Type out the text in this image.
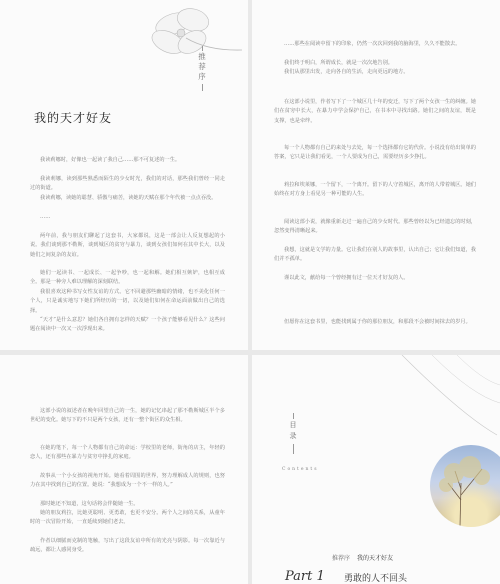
推荐序
我的天才好友

我读莉娜时，好像也一起读了我自己……那不可复述的一生。

我读莉娜，读到那些熟悉而陌生的少女时光，我们的对话，那些我们曾经一同走过的街道。

我读莉娜，读她的聪慧、骄傲与痛苦，读她的天赋在那个年代被一点点吞没。

……

两年前，我与朋友们聊起了这套书，大家都说，这是一部会让人反复想起的小说。我们谈到那不勒斯，谈到城区的贫穷与暴力，谈到女孩们如何在其中长大，以及她们之间复杂的友谊。

她们一起读书、一起成长、一起争吵，也一起和解。她们相互嫉妒，也相互成全。那是一种旁人难以理解的深刻联结。

我很喜欢这种书写女性友谊的方式。它不回避那些幽暗的情绪，也不美化任何一个人，只是诚实地写下她们所经历的一切，以及她们如何在命运面前做出自己的选择。

“天才”是什么意思？她们各自拥有怎样的天赋？一个孩子能够看见什么？这些问题在阅读中一次又一次浮现出来。

……那些在阅读中留下的印象，仍然一次次回到我的脑海里，久久不能散去。

我们终于明白，所谓成长，就是一次次地告别。

我们从那里出发，走向各自的生活，走向更远的地方。

在这部小说里，作者写下了一个城区几十年的变迁，写下了两个女孩一生的纠缠。她们在贫穷中长大，在暴力中学会保护自己，在书本中寻找出路。她们之间的友谊，既是支撑，也是牵绊。

每一个人物都有自己的来处与去处，每一个选择都有它的代价。小说没有给出简单的答案，它只是让我们看见，一个人要成为自己，需要经历多少挣扎。

莉拉和埃莱娜，一个留下，一个离开。留下的人守着城区，离开的人带着城区。她们始终在对方身上看见另一种可能的人生。

阅读这部小说，就像重新走过一遍自己的少女时代。那些曾经以为已经遗忘的时刻，忽然变得清晰起来。

我想，这就是文学的力量。它让我们在别人的故事里，认出自己；它让我们知道，我们并不孤单。

谨以此文，献给每一个曾经拥有过一位天才好友的人。

但愿你在这套书里，也能找到属于你的那位朋友，和那段不会被时间抹去的岁月。

这部小说的叙述者在晚年回望自己的一生，她的记忆串起了那不勒斯城区半个多世纪的变化。她写下的不只是两个女孩，还有一整个街区的众生相。

在她的笔下，每一个人物都有自己的命运：学校里的老师，街角的店主，年轻的恋人，还有那些在暴力与贫穷中挣扎的家庭。

故事从一个小女孩的视角开始。她看着周围的世界，努力理解成人的规则，也努力在其中找到自己的位置。她说：“我想成为一个不一样的人。”

那时她还不知道，这句话将会伴随她一生。

她的朋友莉拉，比她更聪明、更勇敢，也更不安分。两个人之间的关系，从童年时的一次冒险开始，一直延续到她们老去。

作者以细腻而克制的笔触，写出了这段友谊中所有的光亮与阴影。每一次靠近与疏远，都让人感同身受。

目录
Contents
推荐序 我的天才好友
Part 1 勇敢的人不回头
